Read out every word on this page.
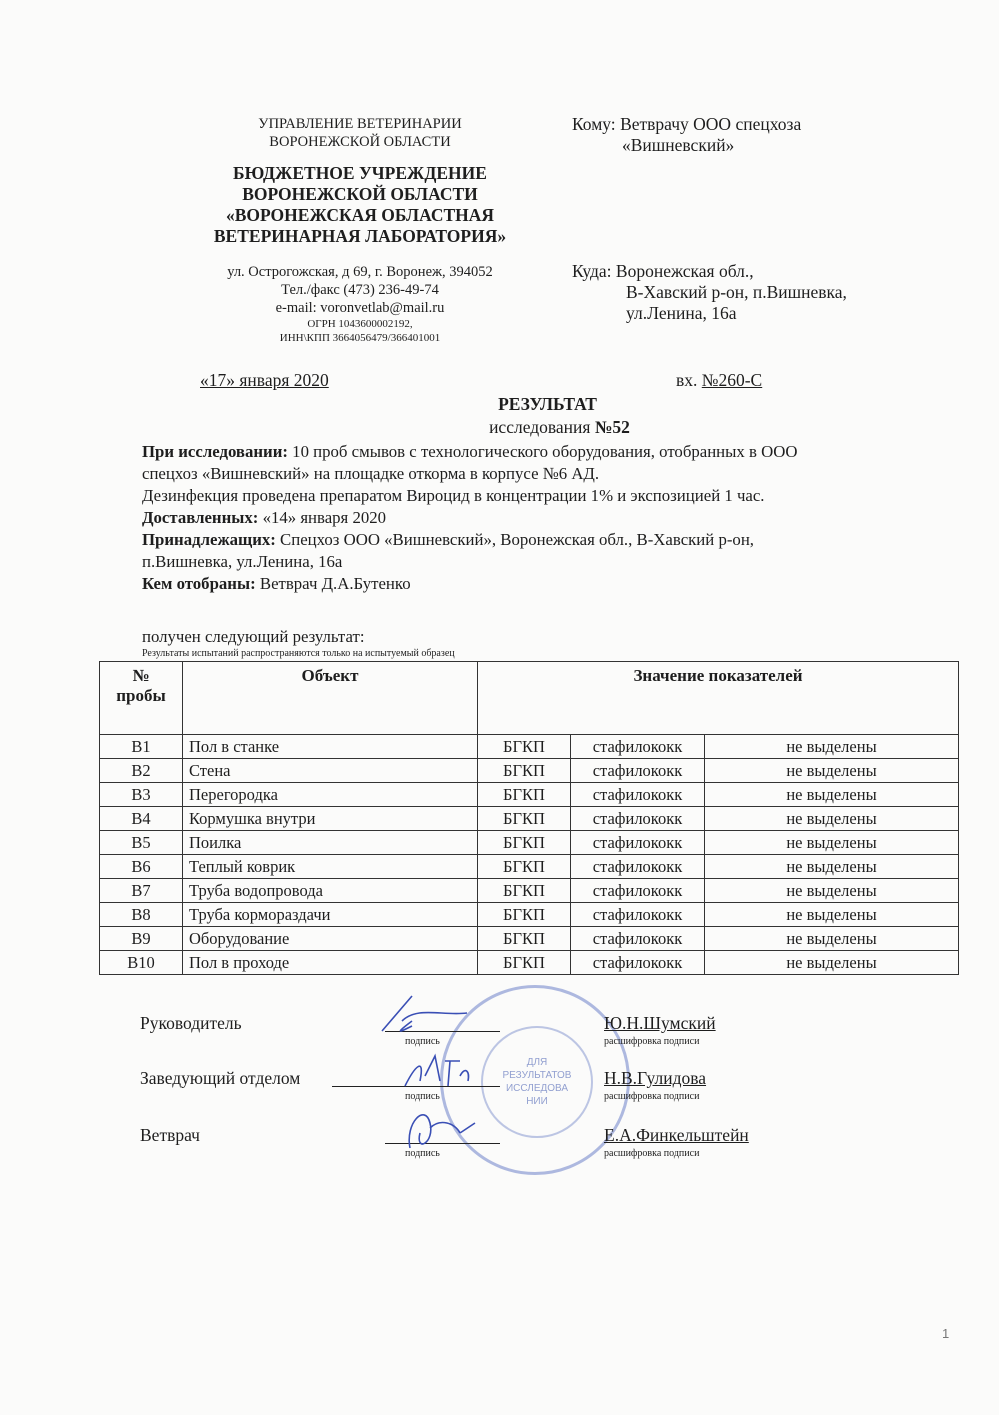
УПРАВЛЕНИЕ ВЕТЕРИНАРИИ
ВОРОНЕЖСКОЙ ОБЛАСТИ
БЮДЖЕТНОЕ УЧРЕЖДЕНИЕ
ВОРОНЕЖСКОЙ ОБЛАСТИ
«ВОРОНЕЖСКАЯ ОБЛАСТНАЯ
ВЕТЕРИНАРНАЯ ЛАБОРАТОРИЯ»
ул. Острогожская, д 69, г. Воронеж, 394052
Тел./факс (473) 236-49-74
e-mail: voronvetlab@mail.ru
ОГРН 1043600002192,
ИНН\КПП 3664056479/366401001
Кому: Ветврачу ООО спецхоза
«Вишневский»
Куда: Воронежская обл.,
В-Хавский р-он, п.Вишневка,
ул.Ленина, 16а
«17» января 2020	вх. №260-С
РЕЗУЛЬТАТ
исследования №52
При исследовании: 10 проб смывов с технологического оборудования, отобранных в ООО
спецхоз «Вишневский» на площадке откорма в корпусе №6 АД.
Дезинфекция проведена препаратом Вироцид в концентрации 1% и экспозицией 1 час.
Доставленных: «14» января 2020
Принадлежащих: Спецхоз ООО «Вишневский», Воронежская обл., В-Хавский р-он,
п.Вишневка, ул.Ленина, 16а
Кем отобраны: Ветврач Д.А.Бутенко
получен следующий результат:
Результаты испытаний распространяются только на испытуемый образец
№
пробы	Объект	Значение показателей		
В1	Пол в станке	БГКП	стафилококк	не выделены
В2	Стена	БГКП	стафилококк	не выделены
В3	Перегородка	БГКП	стафилококк	не выделены
В4	Кормушка внутри	БГКП	стафилококк	не выделены
В5	Поилка	БГКП	стафилококк	не выделены
В6	Теплый коврик	БГКП	стафилококк	не выделены
В7	Труба водопровода	БГКП	стафилококк	не выделены
В8	Труба кормораздачи	БГКП	стафилококк	не выделены
В9	Оборудование	БГКП	стафилококк	не выделены
В10	Пол в проходе	БГКП	стафилококк	не выделены
ДЛЯ
РЕЗУЛЬТАТОВ
ИССЛЕДОВА
НИИ
Руководитель
подпись
Ю.Н.Шумский
расшифровка подписи
Заведующий отделом
подпись
Н.В.Гулидова
расшифровка подписи
Ветврач
подпись
Е.А.Финкельштейн
расшифровка подписи
1
